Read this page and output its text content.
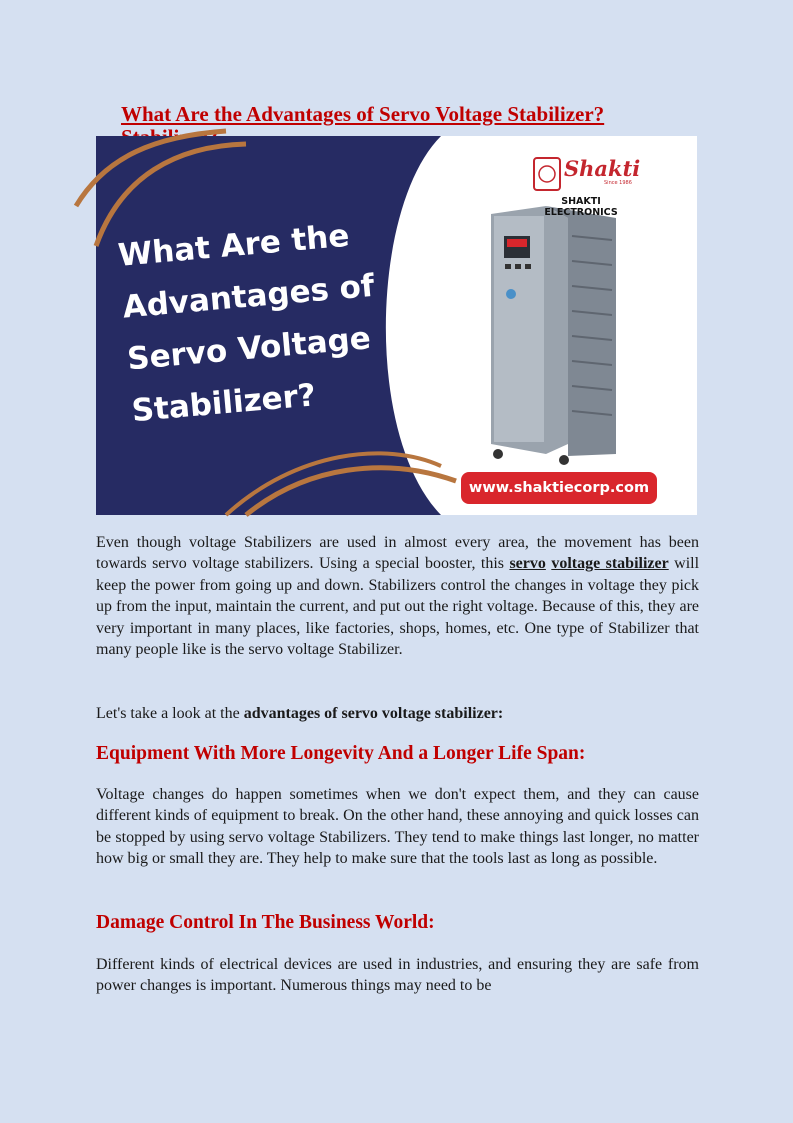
What Are the Advantages of Servo Voltage Stabilizer?
What Are the
Advantages of
Servo Voltage
Stabilizer?
Shakti
Since 1986
SHAKTI ELECTRONICS
www.shaktiecorp.com

Even though voltage Stabilizers are used in almost every area, the movement has been towards servo voltage stabilizers. Using a special booster, this servo voltage stabilizer will keep the power from going up and down. Stabilizers control the changes in voltage they pick up from the input, maintain the current, and put out the right voltage. Because of this, they are very important in many places, like factories, shops, homes, etc. One type of Stabilizer that many people like is the servo voltage Stabilizer.

Let's take a look at the advantages of servo voltage stabilizer:

Equipment With More Longevity And a Longer Life Span:

Voltage changes do happen sometimes when we don't expect them, and they can cause different kinds of equipment to break. On the other hand, these annoying and quick losses can be stopped by using servo voltage Stabilizers. They tend to make things last longer, no matter how big or small they are. They help to make sure that the tools last as long as possible.

Damage Control In The Business World:

Different kinds of electrical devices are used in industries, and ensuring they are safe from power changes is important. Numerous things may need to be
